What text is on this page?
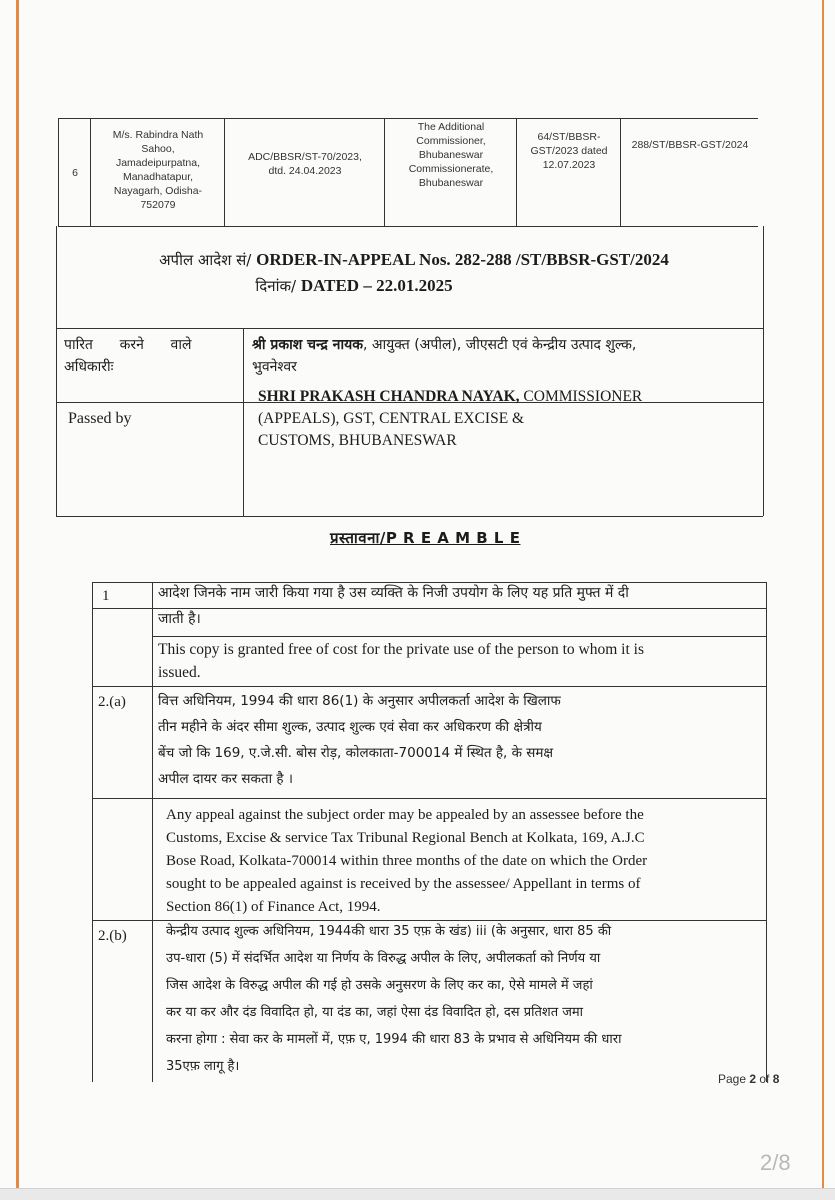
6
M/s. Rabindra Nath
Sahoo,
Jamadeipurpatna,
Manadhatapur,
Nayagarh, Odisha-
752079
ADC/BBSR/ST-70/2023,
dtd. 24.04.2023
The Additional
Commissioner,
Bhubaneswar
Commissionerate,
Bhubaneswar
64/ST/BBSR-
GST/2023 dated
12.07.2023
288/ST/BBSR-GST/2024
अपील आदेश सं/ ORDER-IN-APPEAL Nos. 282-288 /ST/BBSR-GST/2024
दिनांक/ DATED – 22.01.2025
पारित      करने      वाले
अधिकारीः
श्री प्रकाश चन्द्र नायक, आयुक्त (अपील), जीएसटी एवं केन्द्रीय उत्पाद शुल्क,
भुवनेश्वर
Passed by
SHRI PRAKASH CHANDRA NAYAK, COMMISSIONER
(APPEALS), GST, CENTRAL EXCISE &
CUSTOMS, BHUBANESWAR
प्रस्तावना/P R E A M B L E
1	आदेश जिनके नाम जारी किया गया है उस व्यक्ति के निजी उपयोग के लिए यह प्रति मुफ्त में दी
जाती है।
This copy is granted free of cost for the private use of the person to whom it is
issued.
2.(a) वित्त अधिनियम, 1994 की धारा 86(1) के अनुसार अपीलकर्ता आदेश के खिलाफ
तीन महीने के अंदर सीमा शुल्क, उत्पाद शुल्क एवं सेवा कर अधिकरण की क्षेत्रीय
बेंच जो कि 169, ए.जे.सी. बोस रोड़, कोलकाता-700014 में स्थित है, के समक्ष
अपील दायर कर सकता है ।
Any appeal against the subject order may be appealed by an assessee before the
Customs, Excise & service Tax Tribunal Regional Bench at Kolkata, 169, A.J.C
Bose Road, Kolkata-700014 within three months of the date on which the Order
sought to be appealed against is received by the assessee/ Appellant in terms of
Section 86(1) of Finance Act, 1994.
2.(b)	केन्द्रीय उत्पाद शुल्क अधिनियम, 1944की धारा 35 एफ़ के खंड) iii (के अनुसार, धारा 85 की
उप-धारा (5) में संदर्भित आदेश या निर्णय के विरुद्ध अपील के लिए, अपीलकर्ता को निर्णय या
जिस आदेश के विरुद्ध अपील की गई हो उसके अनुसरण के लिए कर का, ऐसे मामले में जहां
कर या कर और दंड विवादित हो, या दंड का, जहां ऐसा दंड विवादित हो, दस प्रतिशत जमा
करना होगा : सेवा कर के मामलों में, एफ़ ए, 1994 की धारा 83 के प्रभाव से अधिनियम की धारा
35एफ़ लागू है।
Page 2 of 8
2/8
